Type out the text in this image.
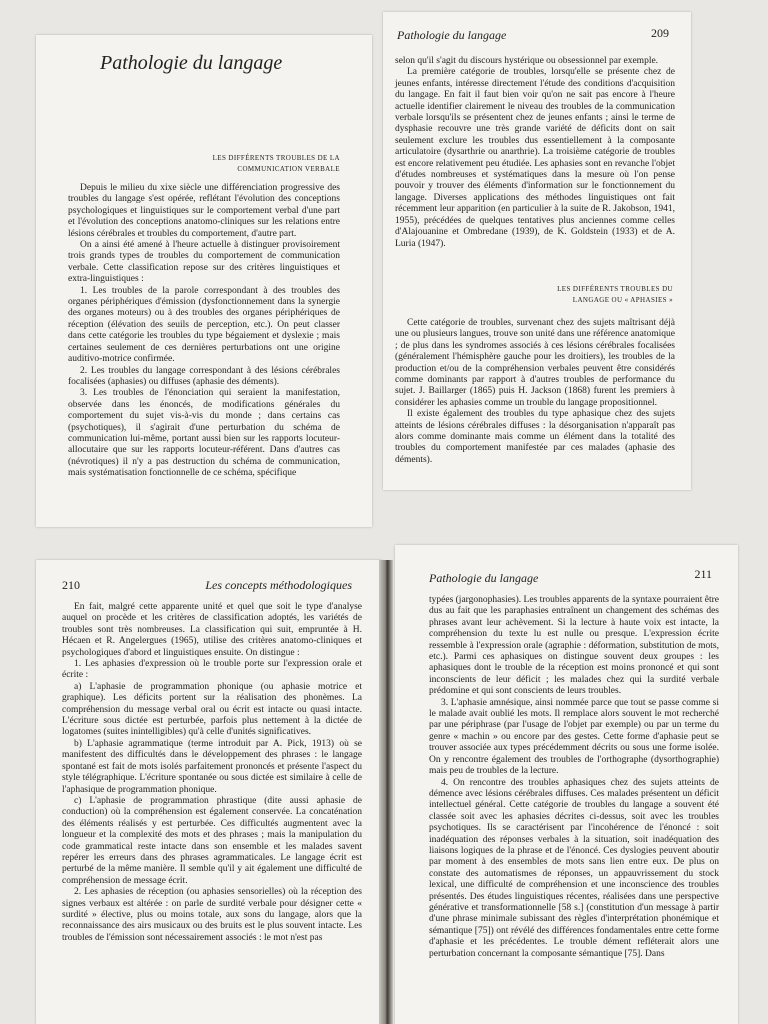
Pathologie du langage
LES DIFFÉRENTS TROUBLES DE LA COMMUNICATION VERBALE

Depuis le milieu du xixe siècle une différenciation progressive des troubles du langage s'est opérée, reflétant l'évolution des conceptions psychologiques et linguistiques sur le comportement verbal d'une part et l'évolution des conceptions anatomo-cliniques sur les relations entre lésions cérébrales et troubles du comportement, d'autre part.

On a ainsi été amené à l'heure actuelle à distinguer provisoirement trois grands types de troubles du comportement de communication verbale. Cette classification repose sur des critères linguistiques et extra-linguistiques :

1. Les troubles de la parole correspondant à des troubles des organes périphériques d'émission (dysfonctionnement dans la synergie des organes moteurs) ou à des troubles des organes périphériques de réception (élévation des seuils de perception, etc.). On peut classer dans cette catégorie les troubles du type bégaiement et dyslexie ; mais certaines seulement de ces dernières perturbations ont une origine auditivo-motrice confirmée.

2. Les troubles du langage correspondant à des lésions cérébrales focalisées (aphasies) ou diffuses (aphasie des déments).

3. Les troubles de l'énonciation qui seraient la manifestation, observée dans les énoncés, de modifications générales du comportement du sujet vis-à-vis du monde ; dans certains cas (psychotiques), il s'agirait d'une perturbation du schéma de communication lui-même, portant aussi bien sur les rapports locuteur-allocutaire que sur les rapports locuteur-référent. Dans d'autres cas (névrotiques) il n'y a pas destruction du schéma de communication, mais systématisation fonctionnelle de ce schéma, spécifique

Pathologie du langage	209

selon qu'il s'agit du discours hystérique ou obsessionnel par exemple.

La première catégorie de troubles, lorsqu'elle se présente chez de jeunes enfants, intéresse directement l'étude des conditions d'acquisition du langage. En fait il faut bien voir qu'on ne sait pas encore à l'heure actuelle identifier clairement le niveau des troubles de la communication verbale lorsqu'ils se présentent chez de jeunes enfants ; ainsi le terme de dysphasie recouvre une très grande variété de déficits dont on sait seulement exclure les troubles dus essentiellement à la composante articulatoire (dysarthrie ou anarthrie). La troisième catégorie de troubles est encore relativement peu étudiée. Les aphasies sont en revanche l'objet d'études nombreuses et systématiques dans la mesure où l'on pense pouvoir y trouver des éléments d'information sur le fonctionnement du langage. Diverses applications des méthodes linguistiques ont fait récemment leur apparition (en particulier à la suite de R. Jakobson, 1941, 1955), précédées de quelques tentatives plus anciennes comme celles d'Alajouanine et Ombredane (1939), de K. Goldstein (1933) et de A. Luria (1947).

LES DIFFÉRENTS TROUBLES DU LANGAGE OU « APHASIES »

Cette catégorie de troubles, survenant chez des sujets maîtrisant déjà une ou plusieurs langues, trouve son unité dans une référence anatomique ; de plus dans les syndromes associés à ces lésions cérébrales focalisées (généralement l'hémisphère gauche pour les droitiers), les troubles de la production et/ou de la compréhension verbales peuvent être considérés comme dominants par rapport à d'autres troubles de performance du sujet. J. Baillarger (1865) puis H. Jackson (1868) furent les premiers à considérer les aphasies comme un trouble du langage propositionnel.

Il existe également des troubles du type aphasique chez des sujets atteints de lésions cérébrales diffuses : la désorganisation n'apparaît pas alors comme dominante mais comme un élément dans la totalité des troubles du comportement manifestée par ces malades (aphasie des déments).

210	Les concepts méthodologiques

En fait, malgré cette apparente unité et quel que soit le type d'analyse auquel on procède et les critères de classification adoptés, les variétés de troubles sont très nombreuses. La classification qui suit, empruntée à H. Hécaen et R. Angelergues (1965), utilise des critères anatomo-cliniques et psychologiques d'abord et linguistiques ensuite. On distingue :

1. Les aphasies d'expression où le trouble porte sur l'expression orale et écrite :

a) L'aphasie de programmation phonique (ou aphasie motrice et graphique). Les déficits portent sur la réalisation des phonèmes. La compréhension du message verbal oral ou écrit est intacte ou quasi intacte. L'écriture sous dictée est perturbée, parfois plus nettement à la dictée de logatomes (suites inintelligibles) qu'à celle d'unités significatives.

b) L'aphasie agrammatique (terme introduit par A. Pick, 1913) où se manifestent des difficultés dans le développement des phrases : le langage spontané est fait de mots isolés parfaitement prononcés et présente l'aspect du style télégraphique. L'écriture spontanée ou sous dictée est similaire à celle de l'aphasique de programmation phonique.

c) L'aphasie de programmation phrastique (dite aussi aphasie de conduction) où la compréhension est également conservée. La concaténation des éléments réalisés y est perturbée. Ces difficultés augmentent avec la longueur et la complexité des mots et des phrases ; mais la manipulation du code grammatical reste intacte dans son ensemble et les malades savent repérer les erreurs dans des phrases agrammaticales. Le langage écrit est perturbé de la même manière. Il semble qu'il y ait également une difficulté de compréhension de message écrit.

2. Les aphasies de réception (ou aphasies sensorielles) où la réception des signes verbaux est altérée : on parle de surdité verbale pour désigner cette « surdité » élective, plus ou moins totale, aux sons du langage, alors que la reconnaissance des airs musicaux ou des bruits est le plus souvent intacte. Les troubles de l'émission sont nécessairement associés : le mot n'est pas

Pathologie du langage	211

typées (jargonophasies). Les troubles apparents de la syntaxe pourraient être dus au fait que les paraphasies entraînent un changement des schémas des phrases avant leur achèvement. Si la lecture à haute voix est intacte, la compréhension du texte lu est nulle ou presque. L'expression écrite ressemble à l'expression orale (agraphie : déformation, substitution de mots, etc.). Parmi ces aphasiques on distingue souvent deux groupes : les aphasiques dont le trouble de la réception est moins prononcé et qui sont inconscients de leur déficit ; les malades chez qui la surdité verbale prédomine et qui sont conscients de leurs troubles.

3. L'aphasie amnésique, ainsi nommée parce que tout se passe comme si le malade avait oublié les mots. Il remplace alors souvent le mot recherché par une périphrase (par l'usage de l'objet par exemple) ou par un terme du genre « machin » ou encore par des gestes. Cette forme d'aphasie peut se trouver associée aux types précédemment décrits ou sous une forme isolée. On y rencontre également des troubles de l'orthographe (dysorthographie) mais peu de troubles de la lecture.

4. On rencontre des troubles aphasiques chez des sujets atteints de démence avec lésions cérébrales diffuses. Ces malades présentent un déficit intellectuel général. Cette catégorie de troubles du langage a souvent été classée soit avec les aphasies décrites ci-dessus, soit avec les troubles psychotiques. Ils se caractérisent par l'incohérence de l'énoncé : soit inadéquation des réponses verbales à la situation, soit inadéquation des liaisons logiques de la phrase et de l'énoncé. Ces dyslogies peuvent aboutir par moment à des ensembles de mots sans lien entre eux. De plus on constate des automatismes de réponses, un appauvrissement du stock lexical, une difficulté de compréhension et une inconscience des troubles présentés. Des études linguistiques récentes, réalisées dans une perspective générative et transformationnelle [58 s.] (constitution d'un message à partir d'une phrase minimale subissant des règles d'interprétation phonémique et sémantique [75]) ont révélé des différences fondamentales entre cette forme d'aphasie et les précédentes. Le trouble dément refléterait alors une perturbation concernant la composante sémantique [75]. Dans
